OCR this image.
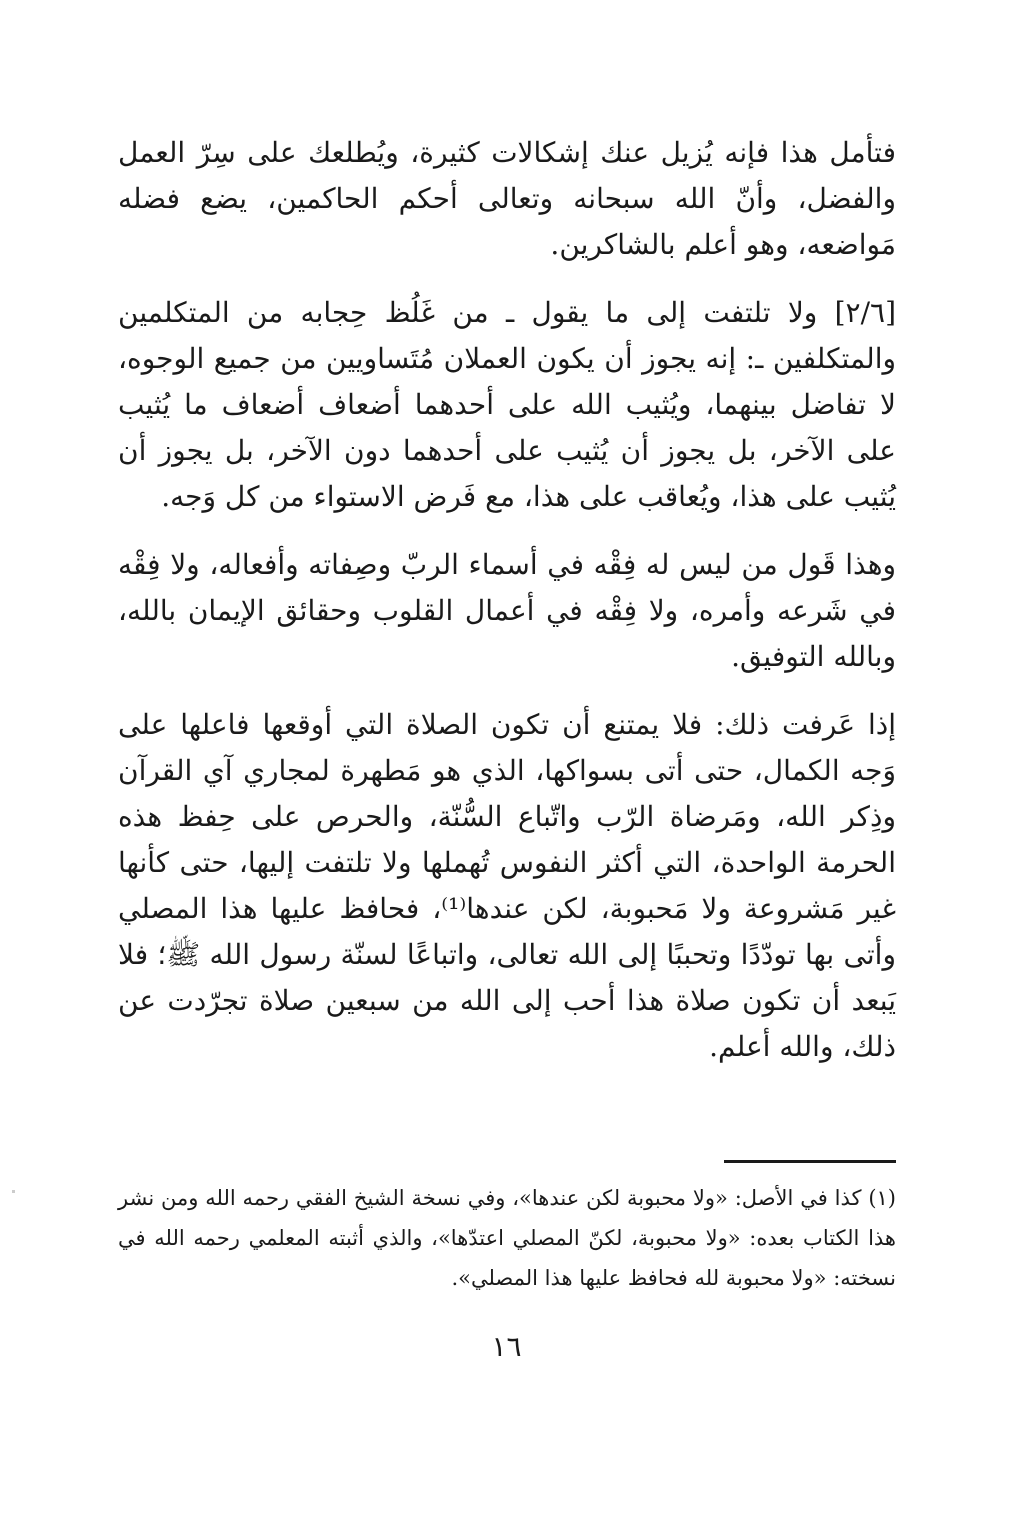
فتأمل هذا فإنه يُزيل عنك إشكالات كثيرة، ويُطلعك على سِرّ العمل والفضل، وأنّ الله سبحانه وتعالى أحكم الحاكمين، يضع فضله مَواضعه، وهو أعلم بالشاكرين.

[٢/٦] ولا تلتفت إلى ما يقول ـ من غَلُظ حِجابه من المتكلمين والمتكلفين ـ: إنه يجوز أن يكون العملان مُتَساويين من جميع الوجوه، لا تفاضل بينهما، ويُثيب الله على أحدهما أضعاف أضعاف ما يُثيب على الآخر، بل يجوز أن يُثيب على أحدهما دون الآخر، بل يجوز أن يُثيب على هذا، ويُعاقب على هذا، مع فَرض الاستواء من كل وَجه.

وهذا قَول من ليس له فِقْه في أسماء الربّ وصِفاته وأفعاله، ولا فِقْه في شَرعه وأمره، ولا فِقْه في أعمال القلوب وحقائق الإيمان بالله، وبالله التوفيق.

إذا عَرفت ذلك: فلا يمتنع أن تكون الصلاة التي أوقعها فاعلها على وَجه الكمال، حتى أتى بسواكها، الذي هو مَطهرة لمجاري آي القرآن وذِكر الله، ومَرضاة الرّب واتّباع السُّنّة، والحرص على حِفظ هذه الحرمة الواحدة، التي أكثر النفوس تُهملها ولا تلتفت إليها، حتى كأنها غير مَشروعة ولا مَحبوبة، لكن عندها⁽¹⁾، فحافظ عليها هذا المصلي وأتى بها تودّدًا وتحببًا إلى الله تعالى، واتباعًا لسنّة رسول الله ﷺ؛ فلا يَبعد أن تكون صلاة هذا أحب إلى الله من سبعين صلاة تجرّدت عن ذلك، والله أعلم.

(١) كذا في الأصل: «ولا محبوبة لكن عندها»، وفي نسخة الشيخ الفقي رحمه الله ومن نشر هذا الكتاب بعده: «ولا محبوبة، لكنّ المصلي اعتدّها»، والذي أثبته المعلمي رحمه الله في نسخته: «ولا محبوبة لله فحافظ عليها هذا المصلي».

١٦
